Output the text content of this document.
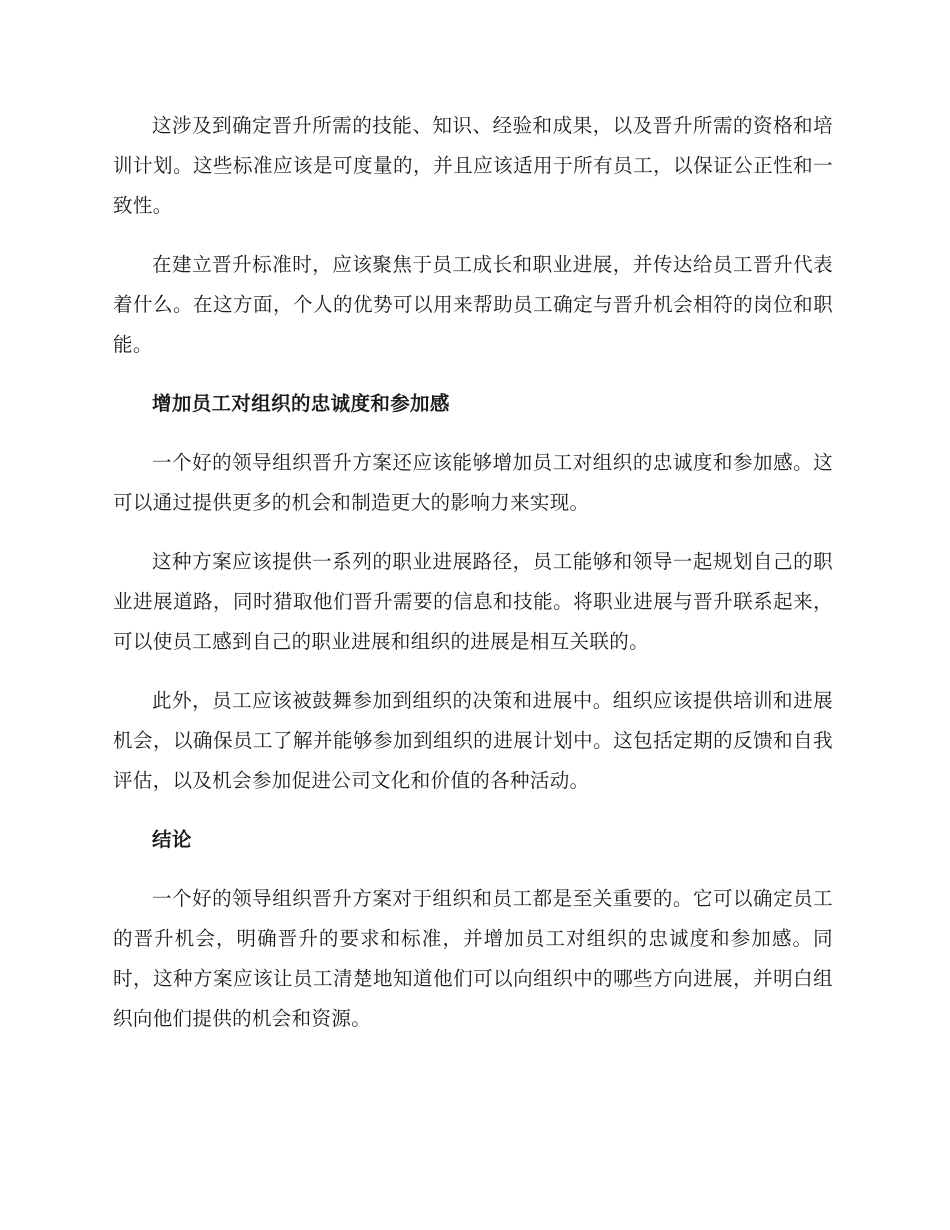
这涉及到确定晋升所需的技能、知识、经验和成果，以及晋升所需的资格和培训计划。这些标准应该是可度量的，并且应该适用于所有员工，以保证公正性和一致性。

在建立晋升标准时，应该聚焦于员工成长和职业进展，并传达给员工晋升代表着什么。在这方面，个人的优势可以用来帮助员工确定与晋升机会相符的岗位和职能。

增加员工对组织的忠诚度和参加感

一个好的领导组织晋升方案还应该能够增加员工对组织的忠诚度和参加感。这可以通过提供更多的机会和制造更大的影响力来实现。

这种方案应该提供一系列的职业进展路径，员工能够和领导一起规划自己的职业进展道路，同时猎取他们晋升需要的信息和技能。将职业进展与晋升联系起来，可以使员工感到自己的职业进展和组织的进展是相互关联的。

此外，员工应该被鼓舞参加到组织的决策和进展中。组织应该提供培训和进展机会，以确保员工了解并能够参加到组织的进展计划中。这包括定期的反馈和自我评估，以及机会参加促进公司文化和价值的各种活动。

结论

一个好的领导组织晋升方案对于组织和员工都是至关重要的。它可以确定员工的晋升机会，明确晋升的要求和标准，并增加员工对组织的忠诚度和参加感。同时，这种方案应该让员工清楚地知道他们可以向组织中的哪些方向进展，并明白组织向他们提供的机会和资源。
